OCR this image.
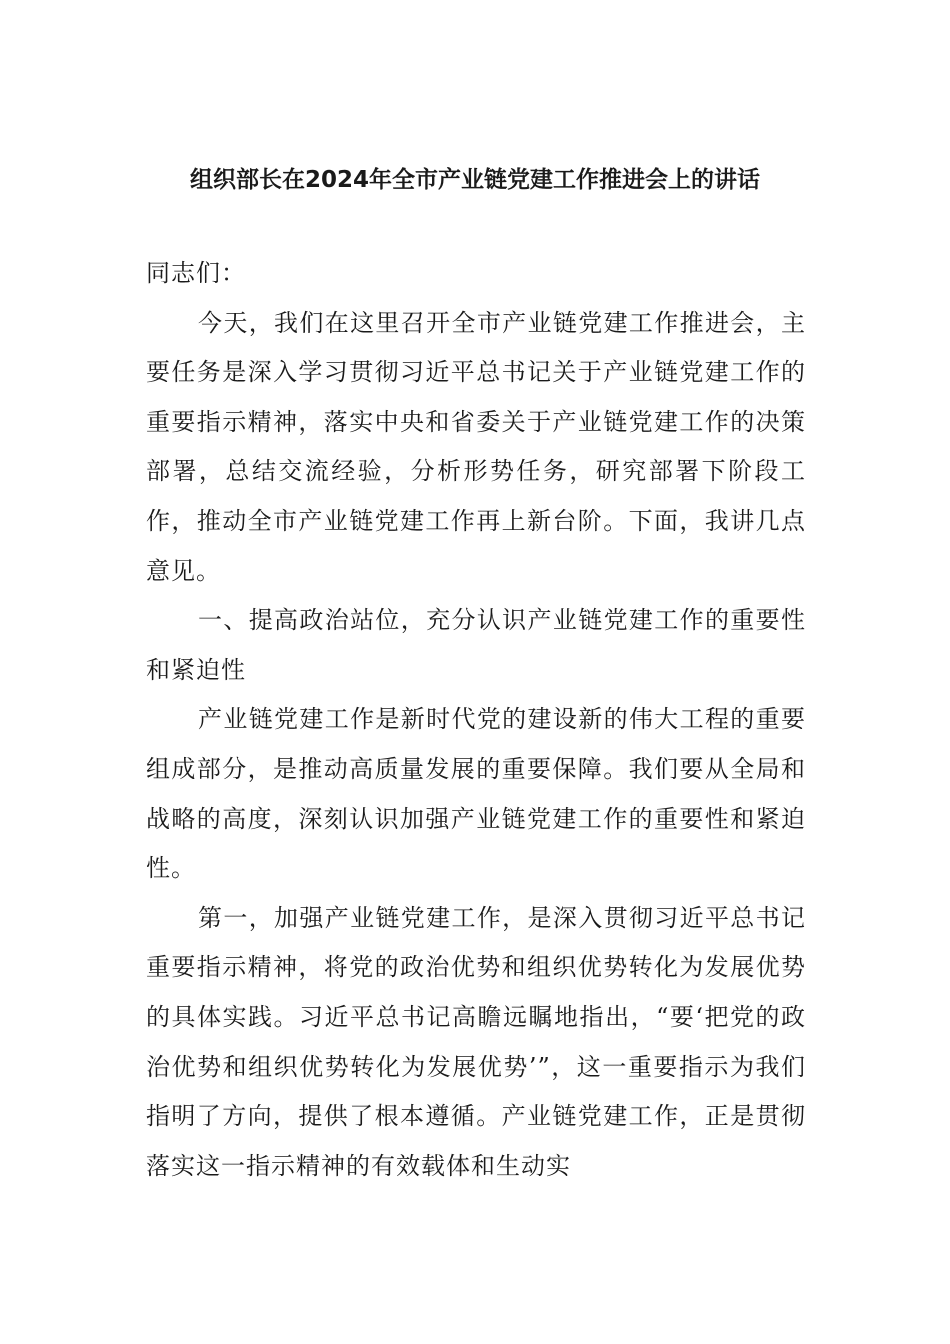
组织部长在2024年全市产业链党建工作推进会上的讲话

同志们：

今天，我们在这里召开全市产业链党建工作推进会，主要任务是深入学习贯彻习近平总书记关于产业链党建工作的重要指示精神，落实中央和省委关于产业链党建工作的决策部署，总结交流经验，分析形势任务，研究部署下阶段工作，推动全市产业链党建工作再上新台阶。下面，我讲几点意见。

一、提高政治站位，充分认识产业链党建工作的重要性和紧迫性

产业链党建工作是新时代党的建设新的伟大工程的重要组成部分，是推动高质量发展的重要保障。我们要从全局和战略的高度，深刻认识加强产业链党建工作的重要性和紧迫性。

第一，加强产业链党建工作，是深入贯彻习近平总书记重要指示精神，将党的政治优势和组织优势转化为发展优势的具体实践。习近平总书记高瞻远瞩地指出，“要‘把党的政治优势和组织优势转化为发展优势’”，这一重要指示为我们指明了方向，提供了根本遵循。产业链党建工作，正是贯彻落实这一指示精神的有效载体和生动实
